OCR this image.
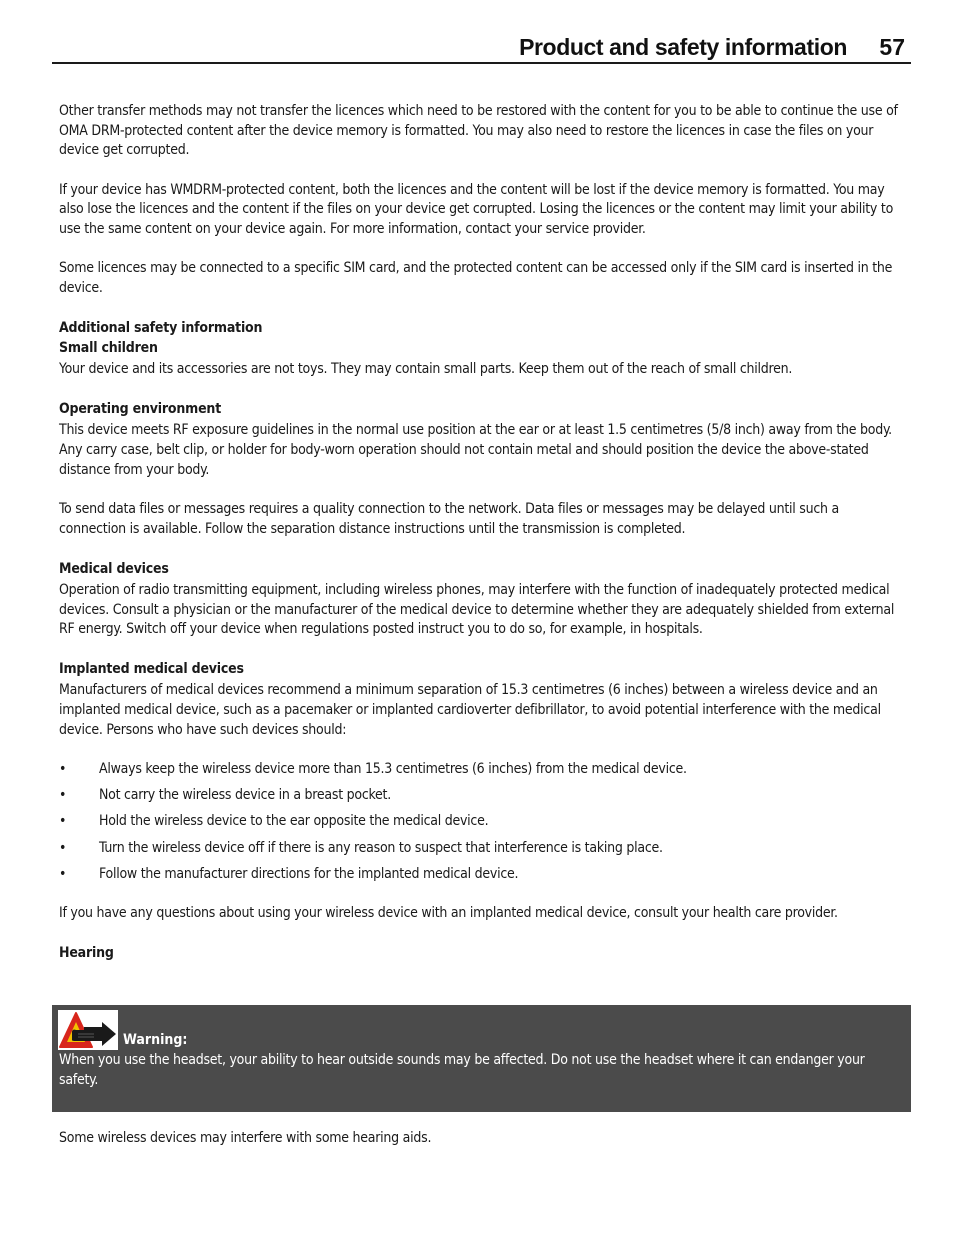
Product and safety information 57

Other transfer methods may not transfer the licences which need to be restored with the content for you to be able to continue the use of OMA DRM-protected content after the device memory is formatted. You may also need to restore the licences in case the files on your device get corrupted.

If your device has WMDRM-protected content, both the licences and the content will be lost if the device memory is formatted. You may also lose the licences and the content if the files on your device get corrupted. Losing the licences or the content may limit your ability to use the same content on your device again. For more information, contact your service provider.

Some licences may be connected to a specific SIM card, and the protected content can be accessed only if the SIM card is inserted in the device.

Additional safety information
Small children

Your device and its accessories are not toys. They may contain small parts. Keep them out of the reach of small children.

Operating environment

This device meets RF exposure guidelines in the normal use position at the ear or at least 1.5 centimetres (5/8 inch) away from the body. Any carry case, belt clip, or holder for body-worn operation should not contain metal and should position the device the above-stated distance from your body.

To send data files or messages requires a quality connection to the network. Data files or messages may be delayed until such a connection is available. Follow the separation distance instructions until the transmission is completed.

Medical devices

Operation of radio transmitting equipment, including wireless phones, may interfere with the function of inadequately protected medical devices. Consult a physician or the manufacturer of the medical device to determine whether they are adequately shielded from external RF energy. Switch off your device when regulations posted instruct you to do so, for example, in hospitals.

Implanted medical devices

Manufacturers of medical devices recommend a minimum separation of 15.3 centimetres (6 inches) between a wireless device and an implanted medical device, such as a pacemaker or implanted cardioverter defibrillator, to avoid potential interference with the medical device. Persons who have such devices should:

• Always keep the wireless device more than 15.3 centimetres (6 inches) from the medical device.
• Not carry the wireless device in a breast pocket.
• Hold the wireless device to the ear opposite the medical device.
• Turn the wireless device off if there is any reason to suspect that interference is taking place.
• Follow the manufacturer directions for the implanted medical device.

If you have any questions about using your wireless device with an implanted medical device, consult your health care provider.

Hearing
Warning:
When you use the headset, your ability to hear outside sounds may be affected. Do not use the headset where it can endanger your safety.
Some wireless devices may interfere with some hearing aids.
